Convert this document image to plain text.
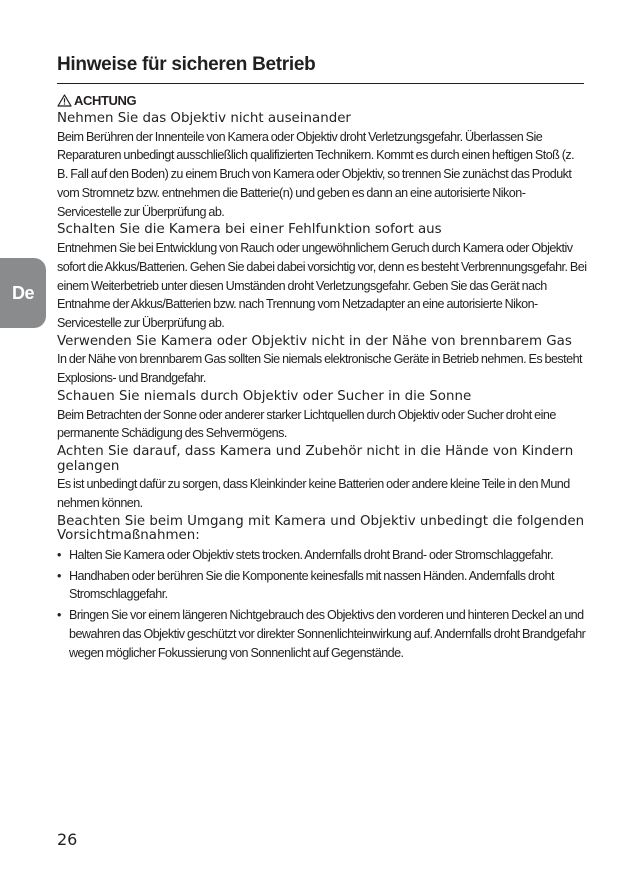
Hinweise für sicheren Betrieb
De
ACHTUNG
Nehmen Sie das Objektiv nicht auseinander
Beim Berühren der Innenteile von Kamera oder Objektiv droht Verletzungsgefahr. Überlassen Sie Reparaturen unbedingt ausschließlich qualifizierten Technikern. Kommt es durch einen heftigen Stoß (z. B. Fall auf den Boden) zu einem Bruch von Kamera oder Objektiv, so trennen Sie zunächst das Produkt vom Stromnetz bzw. entnehmen die Batterie(n) und geben es dann an eine autorisierte Nikon-Servicestelle zur Überprüfung ab.
Schalten Sie die Kamera bei einer Fehlfunktion sofort aus
Entnehmen Sie bei Entwicklung von Rauch oder ungewöhnlichem Geruch durch Kamera oder Objektiv sofort die Akkus/Batterien. Gehen Sie dabei dabei vorsichtig vor, denn es besteht Verbrennungsgefahr. Bei einem Weiterbetrieb unter diesen Umständen droht Verletzungsgefahr. Geben Sie das Gerät nach Entnahme der Akkus/Batterien bzw. nach Trennung vom Netzadapter an eine autorisierte Nikon-Servicestelle zur Überprüfung ab.
Verwenden Sie Kamera oder Objektiv nicht in der Nähe von brennbarem Gas
In der Nähe von brennbarem Gas sollten Sie niemals elektronische Geräte in Betrieb nehmen. Es besteht Explosions- und Brandgefahr.
Schauen Sie niemals durch Objektiv oder Sucher in die Sonne
Beim Betrachten der Sonne oder anderer starker Lichtquellen durch Objektiv oder Sucher droht eine permanente Schädigung des Sehvermögens.
Achten Sie darauf, dass Kamera und Zubehör nicht in die Hände von Kindern gelangen
Es ist unbedingt dafür zu sorgen, dass Kleinkinder keine Batterien oder andere kleine Teile in den Mund nehmen können.
Beachten Sie beim Umgang mit Kamera und Objektiv unbedingt die folgenden Vorsichtmaßnahmen:
• Halten Sie Kamera oder Objektiv stets trocken. Andernfalls droht Brand- oder Stromschlaggefahr.
• Handhaben oder berühren Sie die Komponente keinesfalls mit nassen Händen. Andernfalls droht Stromschlaggefahr.
• Bringen Sie vor einem längeren Nichtgebrauch des Objektivs den vorderen und hinteren Deckel an und bewahren das Objektiv geschützt vor direkter Sonnenlichteinwirkung auf. Andernfalls droht Brandgefahr wegen möglicher Fokussierung von Sonnenlicht auf Gegenstände.
26
